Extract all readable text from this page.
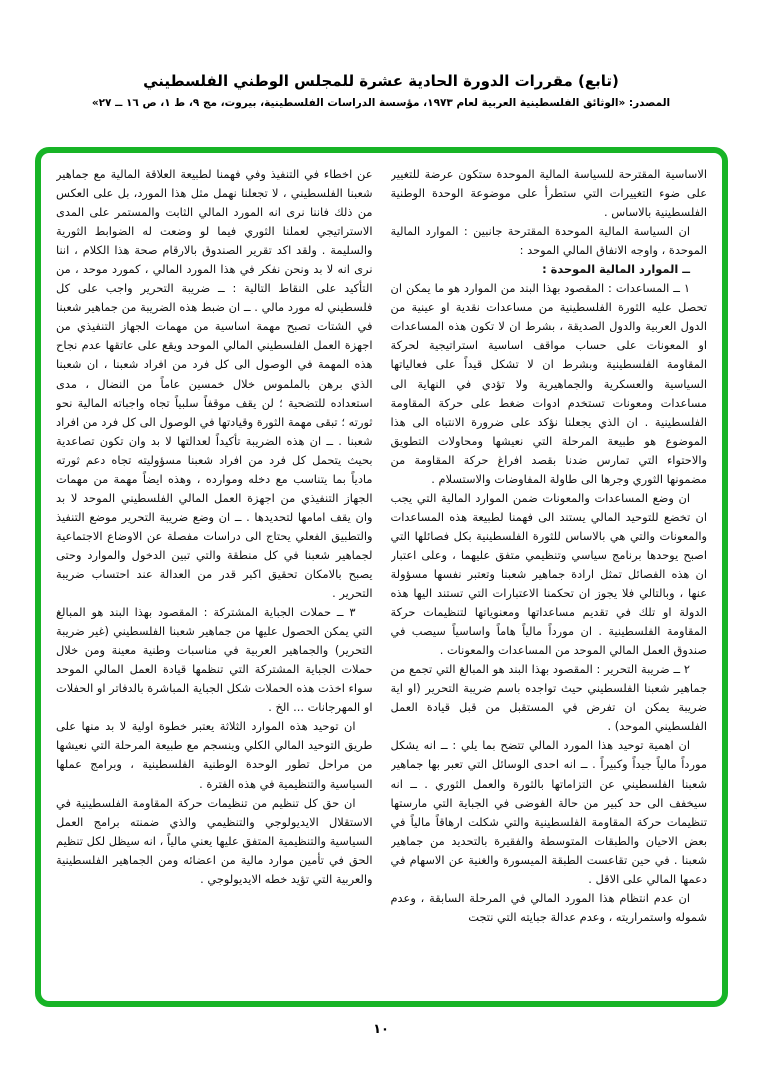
(تابع) مقررات الدورة الحادية عشرة للمجلس الوطني الفلسطيني

المصدر: «الوثائق الفلسطينية العربية لعام ١٩٧٣، مؤسسة الدراسات الفلسطينية، بيروت، مج ٩، ط ١، ص ١٦ ــ ٢٧»

الاساسية المقترحة للسياسة المالية الموحدة ستكون عرضة للتغيير على ضوء التغييرات التي ستطرأ على موضوعة الوحدة الوطنية الفلسطينية بالاساس .

ان السياسة المالية الموحدة المقترحة جانبين : الموارد المالية الموحدة ، واوجه الانفاق المالي الموحد :

ــ الموارد المالية الموحدة :

١ ــ المساعدات : المقصود بهذا البند من الموارد هو ما يمكن ان تحصل عليه الثورة الفلسطينية من مساعدات نقدية او عينية من الدول العربية والدول الصديقة ، بشرط ان لا تكون هذه المساعدات او المعونات على حساب مواقف اساسية استراتيجية لحركة المقاومة الفلسطينية وبشرط ان لا تشكل قيداً على فعالياتها السياسية والعسكرية والجماهيرية ولا تؤدي في النهاية الى مساعدات ومعونات تستخدم ادوات ضغط على حركة المقاومة الفلسطينية . ان الذي يجعلنا نؤكد على ضرورة الانتباه الى هذا الموضوع هو طبيعة المرحلة التي نعيشها ومحاولات التطويق والاحتواء التي تمارس ضدنا بقصد افراغ حركة المقاومة من مضمونها الثوري وجرها الى طاولة المفاوضات والاستسلام .

ان وضع المساعدات والمعونات ضمن الموارد المالية التي يجب ان تخضع للتوحيد المالي يستند الى فهمنا لطبيعة هذه المساعدات والمعونات والتي هي بالاساس للثورة الفلسطينية بكل فصائلها التي اصبح يوحدها برنامج سياسي وتنظيمي متفق عليهما ، وعلى اعتبار ان هذه الفصائل تمثل ارادة جماهير شعبنا وتعتبر نفسها مسؤولة عنها ، وبالتالي فلا يجوز ان تحكمنا الاعتبارات التي تستند اليها هذه الدولة او تلك في تقديم مساعداتها ومعنوياتها لتنظيمات حركة المقاومة الفلسطينية . ان مورداً مالياً هاماً واساسياً سيصب في صندوق العمل المالي الموحد من المساعدات والمعونات .

٢ ــ ضريبة التحرير : المقصود بهذا البند هو المبالغ التي تجمع من جماهير شعبنا الفلسطيني حيث تواجده باسم ضريبة التحرير (او اية ضريبة يمكن ان تفرض في المستقبل من قبل قيادة العمل الفلسطيني الموحد) .

ان اهمية توحيد هذا المورد المالي تتضح بما يلي : ــ انه يشكل مورداً مالياً جيداً وكبيراً . ــ انه احدى الوسائل التي تعبر بها جماهير شعبنا الفلسطيني عن التزاماتها بالثورة والعمل الثوري . ــ انه سيخفف الى حد كبير من حالة الفوضى في الجباية التي مارستها تنظيمات حركة المقاومة الفلسطينية والتي شكلت ارهاقاً مالياً في بعض الاحيان والطبقات المتوسطة والفقيرة بالتحديد من جماهير شعبنا . في حين تقاعست الطبقة الميسورة والغنية عن الاسهام في دعمها المالي على الاقل .

ان عدم انتظام هذا المورد المالي في المرحلة السابقة ، وعدم شموله واستمراريته ، وعدم عدالة جبايته التي نتجت

عن اخطاء في التنفيذ وفي فهمنا لطبيعة العلاقة المالية مع جماهير شعبنا الفلسطيني ، لا تجعلنا نهمل مثل هذا المورد، بل على العكس من ذلك فاننا نرى انه المورد المالي الثابت والمستمر على المدى الاستراتيجي لعملنا الثوري فيما لو وضعت له الضوابط الثورية والسليمة . ولقد اكد تقرير الصندوق بالارقام صحة هذا الكلام ، اننا نرى انه لا بد ونحن نفكر في هذا المورد المالي ، كمورد موحد ، من التأكيد على النقاط التالية : ــ ضريبة التحرير واجب على كل فلسطيني له مورد مالي . ــ ان ضبط هذه الضريبة من جماهير شعبنا في الشتات تصبح مهمة اساسية من مهمات الجهاز التنفيذي من اجهزة العمل الفلسطيني المالي الموحد ويقع على عاتقها عدم نجاح هذه المهمة في الوصول الى كل فرد من افراد شعبنا ، ان شعبنا الذي برهن بالملموس خلال خمسين عاماً من النضال ، مدى استعداده للتضحية ؛ لن يقف موقفاً سلبياً تجاه واجباته المالية نحو ثورته ؛ تبقى مهمة الثورة وقيادتها في الوصول الى كل فرد من افراد شعبنا . ــ ان هذه الضريبة تأكيداً لعدالتها لا بد وان تكون تصاعدية بحيث يتحمل كل فرد من افراد شعبنا مسؤوليته تجاه دعم ثورته مادياً بما يتناسب مع دخله وموارده ، وهذه ايضاً مهمة من مهمات الجهاز التنفيذي من اجهزة العمل المالي الفلسطيني الموحد لا بد وان يقف امامها لتحديدها . ــ ان وضع ضريبة التحرير موضع التنفيذ والتطبيق الفعلي يحتاج الى دراسات مفصلة عن الاوضاع الاجتماعية لجماهير شعبنا في كل منطقة والتي تبين الدخول والموارد وحتى يصبح بالامكان تحقيق اكبر قدر من العدالة عند احتساب ضريبة التحرير .

٣ ــ حملات الجباية المشتركة : المقصود بهذا البند هو المبالغ التي يمكن الحصول عليها من جماهير شعبنا الفلسطيني (غير ضريبة التحرير) والجماهير العربية في مناسبات وطنية معينة ومن خلال حملات الجباية المشتركة التي تنظمها قيادة العمل المالي الموحد سواء اخذت هذه الحملات شكل الجباية المباشرة بالدفاتر او الحفلات او المهرجانات ... الخ .

ان توحيد هذه الموارد الثلاثة يعتبر خطوة اولية لا بد منها على طريق التوحيد المالي الكلي وينسجم مع طبيعة المرحلة التي نعيشها من مراحل تطور الوحدة الوطنية الفلسطينية ، وبرامج عملها السياسية والتنظيمية في هذه الفترة .

ان حق كل تنظيم من تنظيمات حركة المقاومة الفلسطينية في الاستقلال الايديولوجي والتنظيمي والذي ضمنته برامج العمل السياسية والتنظيمية المتفق عليها يعني مالياً ، انه سيظل لكل تنظيم الحق في تأمين موارد مالية من اعضائه ومن الجماهير الفلسطينية والعربية التي تؤيد خطه الايديولوجي .

١٠
